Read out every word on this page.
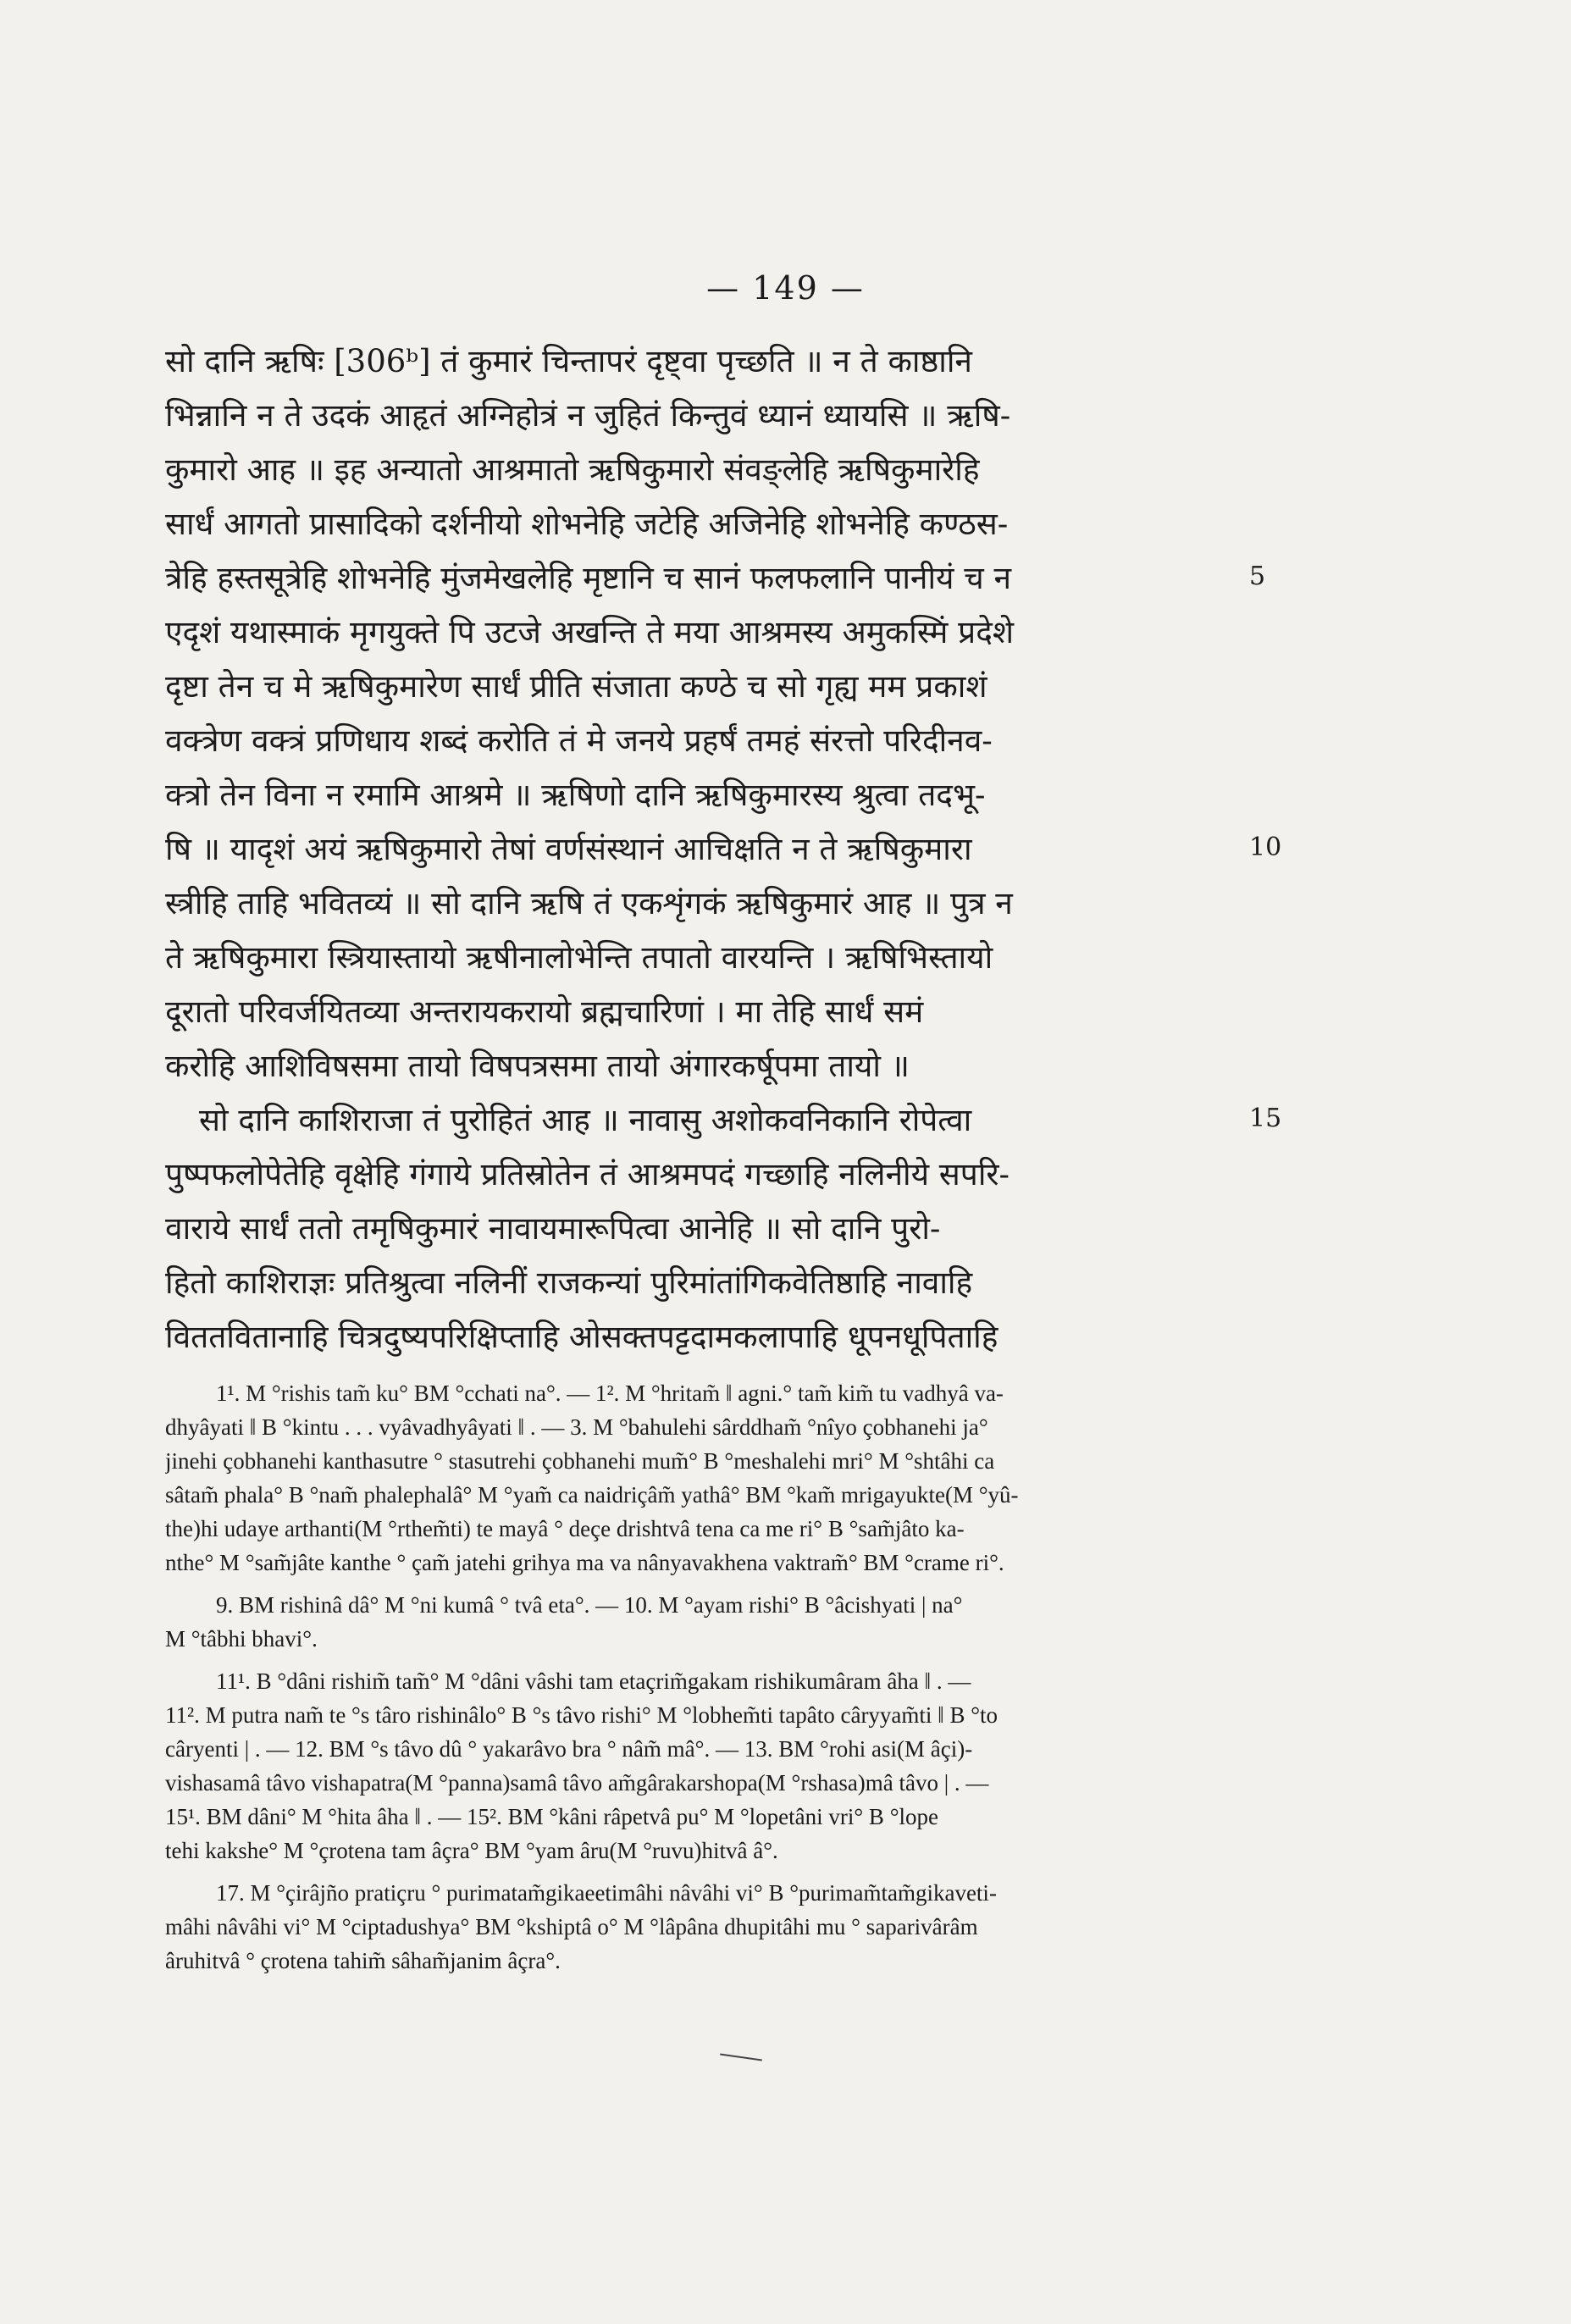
— 149 —
सो दानि ऋषिः [306ᵇ] तं कुमारं चिन्तापरं दृष्ट्वा पृच्छति ॥ न ते काष्ठानि
भिन्नानि न ते उदकं आहृतं अग्निहोत्रं न जुहितं किन्तुवं ध्यानं ध्यायसि ॥ ऋषि-
कुमारो आह ॥ इह अन्यातो आश्रमातो ऋषिकुमारो संवङ्लेहि ऋषिकुमारेहि
सार्धं आगतो प्रासादिको दर्शनीयो शोभनेहि जटेहि अजिनेहि शोभनेहि कण्ठस-
त्रेहि हस्तसूत्रेहि शोभनेहि मुंजमेखलेहि मृष्टानि च सानं फलफलानि पानीयं च न
एदृशं यथास्माकं मृगयुक्ते पि उटजे अखन्ति ते मया आश्रमस्य अमुकस्मिं प्रदेशे
दृष्टा तेन च मे ऋषिकुमारेण सार्धं प्रीति संजाता कण्ठे च सो गृह्य मम प्रकाशं
वक्त्रेण वक्त्रं प्रणिधाय शब्दं करोति तं मे जनये प्रहर्षं तमहं संरत्तो परिदीनव-
क्त्रो तेन विना न रमामि आश्रमे ॥ ऋषिणो दानि ऋषिकुमारस्य श्रुत्वा तदभू-
षि ॥ यादृशं अयं ऋषिकुमारो तेषां वर्णसंस्थानं आचिक्षति न ते ऋषिकुमारा
स्त्रीहि ताहि भवितव्यं ॥ सो दानि ऋषि तं एकशृंगकं ऋषिकुमारं आह ॥ पुत्र न
ते ऋषिकुमारा स्त्रियास्तायो ऋषीनालोभेन्ति तपातो वारयन्ति । ऋषिभिस्तायो
दूरातो परिवर्जयितव्या अन्तरायकरायो ब्रह्मचारिणां । मा तेहि सार्धं समं
करोहि आशिविषसमा तायो विषपत्रसमा तायो अंगारकर्षूपमा तायो ॥
सो दानि काशिराजा तं पुरोहितं आह ॥ नावासु अशोकवनिकानि रोपेत्वा
पुष्पफलोपेतेहि वृक्षेहि गंगाये प्रतिस्रोतेन तं आश्रमपदं गच्छाहि नलिनीये सपरि-
वाराये सार्धं ततो तमृषिकुमारं नावायमारूपित्वा आनेहि ॥ सो दानि पुरो-
हितो काशिराज्ञः प्रतिश्रुत्वा नलिनीं राजकन्यां पुरिमांतांगिकवेतिष्ठाहि नावाहि
विततवितानाहि चित्रदुष्यपरिक्षिप्ताहि ओसक्तपट्टदामकलापाहि धूपनधूपिताहि
1¹. M °rishis tam̃ ku° BM °cchati na°. — 1². M °hritam̃ ‖ agni.° tam̃ kim̃ tu vadhyâ va-
dhyâyati ‖ B °kintu . . . vyâvadhyâyati ‖ . — 3. M °bahulehi sârddham̃ °nîyo çobhanehi ja°
jinehi çobhanehi kanthasutre ° stasutrehi çobhanehi mum̃° B °meshalehi mri° M °shtâhi ca
sâtam̃ phala° B °nam̃ phalephalâ° M °yam̃ ca naidriçâm̃ yathâ° BM °kam̃ mrigayukte(M °yû-
the)hi udaye arthanti(M °rthem̃ti) te mayâ ° deçe drishtvâ tena ca me ri° B °sam̃jâto ka-
nthe° M °sam̃jâte kanthe ° çam̃ jatehi grihya ma va nânyavakhena vaktram̃° BM °crame ri°.
9. BM rishinâ dâ° M °ni kumâ ° tvâ eta°. — 10. M °ayam rishi° B °âcishyati | na°
M °tâbhi bhavi°.
11¹. B °dâni rishim̃ tam̃° M °dâni vâshi tam etaçrim̃gakam rishikumâram âha ‖ . —
11². M putra nam̃ te °s târo rishinâlo° B °s tâvo rishi° M °lobhem̃ti tapâto câryyam̃ti ‖ B °to
câryenti | . — 12. BM °s tâvo dû ° yakarâvo bra ° nâm̃ mâ°. — 13. BM °rohi asi(M âçi)-
vishasamâ tâvo vishapatra(M °panna)samâ tâvo am̃gârakarshopa(M °rshasa)mâ tâvo | . —
15¹. BM dâni° M °hita âha ‖ . — 15². BM °kâni râpetvâ pu° M °lopetâni vri° B °lope
tehi kakshe° M °çrotena tam âçra° BM °yam âru(M °ruvu)hitvâ â°.
17. M °çirâjño pratiçru ° purimatam̃gikaeetimâhi nâvâhi vi° B °purimam̃tam̃gikaveti-
mâhi nâvâhi vi° M °ciptadushya° BM °kshiptâ o° M °lâpâna dhupitâhi mu ° saparivârâm
âruhitvâ ° çrotena tahim̃ sâham̃janim âçra°.
5
10
15
